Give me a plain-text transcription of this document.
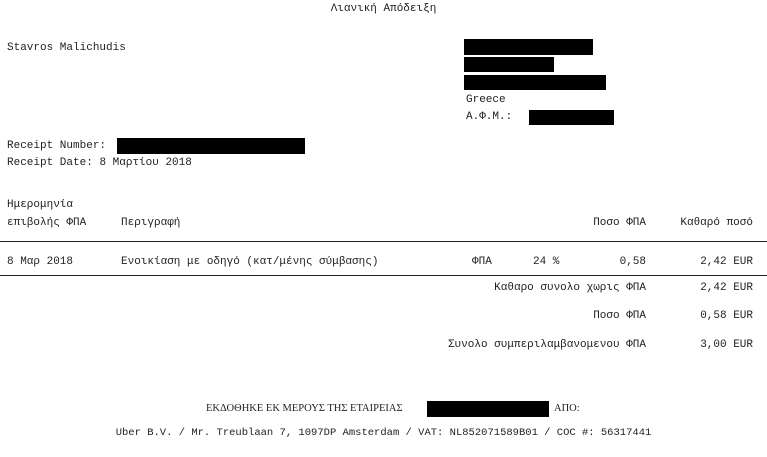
Λιανική Απόδειξη
Stavros Malichudis
Greece
Α.Φ.Μ.:
Receipt Number:
Receipt Date: 8 Μαρτίου 2018
Ημερομηνία
επιβολής ΦΠΑ	Περιγραφή	Ποσο ΦΠΑ	Καθαρό ποσό
8 Μαρ 2018	Ενοικίαση με οδηγό (κατ/μένης σύμβασης)	ΦΠΑ	24 %	0,58	2,42 EUR
Καθαρο συνολο χωρις ΦΠΑ	2,42 EUR
Ποσο ΦΠΑ	0,58 EUR
Συνολο συμπεριλαμβανομενου ΦΠΑ	3,00 EUR
ΕΚΔΟΘΗΚΕ ΕΚ ΜΕΡΟΥΣ ΤΗΣ ΕΤΑΙΡΕΙΑΣ	ΑΠΟ:
Uber B.V. / Mr. Treublaan 7, 1097DP Amsterdam / VAT: NL852071589B01 / COC #: 56317441
